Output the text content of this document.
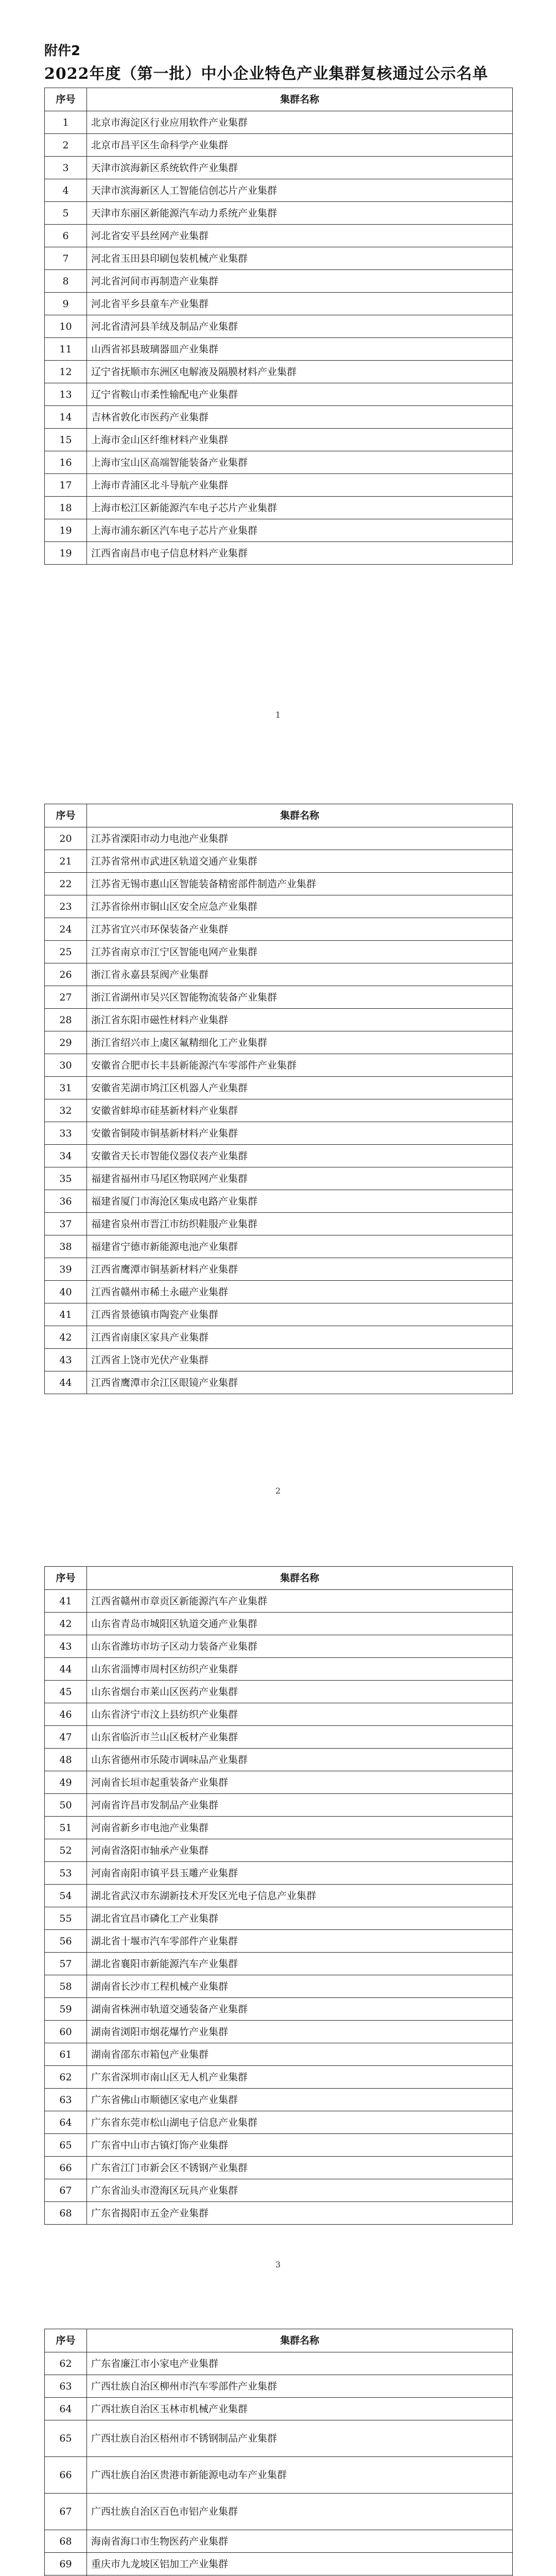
附件2
2022年度（第一批）中小企业特色产业集群复核通过公示名单
序号	集群名称
1	北京市海淀区行业应用软件产业集群
2	北京市昌平区生命科学产业集群
3	天津市滨海新区系统软件产业集群
4	天津市滨海新区人工智能信创芯片产业集群
5	天津市东丽区新能源汽车动力系统产业集群
6	河北省安平县丝网产业集群
7	河北省玉田县印刷包装机械产业集群
8	河北省河间市再制造产业集群
9	河北省平乡县童车产业集群
10	河北省清河县羊绒及制品产业集群
11	山西省祁县玻璃器皿产业集群
12	辽宁省抚顺市东洲区电解液及隔膜材料产业集群
13	辽宁省鞍山市柔性输配电产业集群
14	吉林省敦化市医药产业集群
15	上海市金山区纤维材料产业集群
16	上海市宝山区高端智能装备产业集群
17	上海市青浦区北斗导航产业集群
18	上海市松江区新能源汽车电子芯片产业集群
19	上海市浦东新区汽车电子芯片产业集群
19	江西省南昌市电子信息材料产业集群
1
序号	集群名称
20	江苏省溧阳市动力电池产业集群
21	江苏省常州市武进区轨道交通产业集群
22	江苏省无锡市惠山区智能装备精密部件制造产业集群
23	江苏省徐州市铜山区安全应急产业集群
24	江苏省宜兴市环保装备产业集群
25	江苏省南京市江宁区智能电网产业集群
26	浙江省永嘉县泵阀产业集群
27	浙江省湖州市吴兴区智能物流装备产业集群
28	浙江省东阳市磁性材料产业集群
29	浙江省绍兴市上虞区氟精细化工产业集群
30	安徽省合肥市长丰县新能源汽车零部件产业集群
31	安徽省芜湖市鸠江区机器人产业集群
32	安徽省蚌埠市硅基新材料产业集群
33	安徽省铜陵市铜基新材料产业集群
34	安徽省天长市智能仪器仪表产业集群
35	福建省福州市马尾区物联网产业集群
36	福建省厦门市海沧区集成电路产业集群
37	福建省泉州市晋江市纺织鞋服产业集群
38	福建省宁德市新能源电池产业集群
39	江西省鹰潭市铜基新材料产业集群
40	江西省赣州市稀土永磁产业集群
41	江西省景德镇市陶瓷产业集群
42	江西省南康区家具产业集群
43	江西省上饶市光伏产业集群
44	江西省鹰潭市余江区眼镜产业集群
2
序号	集群名称
41	江西省赣州市章贡区新能源汽车产业集群
42	山东省青岛市城阳区轨道交通产业集群
43	山东省潍坊市坊子区动力装备产业集群
44	山东省淄博市周村区纺织产业集群
45	山东省烟台市莱山区医药产业集群
46	山东省济宁市汶上县纺织产业集群
47	山东省临沂市兰山区板材产业集群
48	山东省德州市乐陵市调味品产业集群
49	河南省长垣市起重装备产业集群
50	河南省许昌市发制品产业集群
51	河南省新乡市电池产业集群
52	河南省洛阳市轴承产业集群
53	河南省南阳市镇平县玉雕产业集群
54	湖北省武汉市东湖新技术开发区光电子信息产业集群
55	湖北省宜昌市磷化工产业集群
56	湖北省十堰市汽车零部件产业集群
57	湖北省襄阳市新能源汽车产业集群
58	湖南省长沙市工程机械产业集群
59	湖南省株洲市轨道交通装备产业集群
60	湖南省浏阳市烟花爆竹产业集群
61	湖南省邵东市箱包产业集群
62	广东省深圳市南山区无人机产业集群
63	广东省佛山市顺德区家电产业集群
64	广东省东莞市松山湖电子信息产业集群
65	广东省中山市古镇灯饰产业集群
66	广东省江门市新会区不锈钢产业集群
67	广东省汕头市澄海区玩具产业集群
68	广东省揭阳市五金产业集群
3
序号	集群名称
62	广东省廉江市小家电产业集群
63	广西壮族自治区柳州市汽车零部件产业集群
64	广西壮族自治区玉林市机械产业集群
65	广西壮族自治区梧州市不锈钢制品产业集群
66	广西壮族自治区贵港市新能源电动车产业集群
67	广西壮族自治区百色市铝产业集群
68	海南省海口市生物医药产业集群
69	重庆市九龙坡区铝加工产业集群
